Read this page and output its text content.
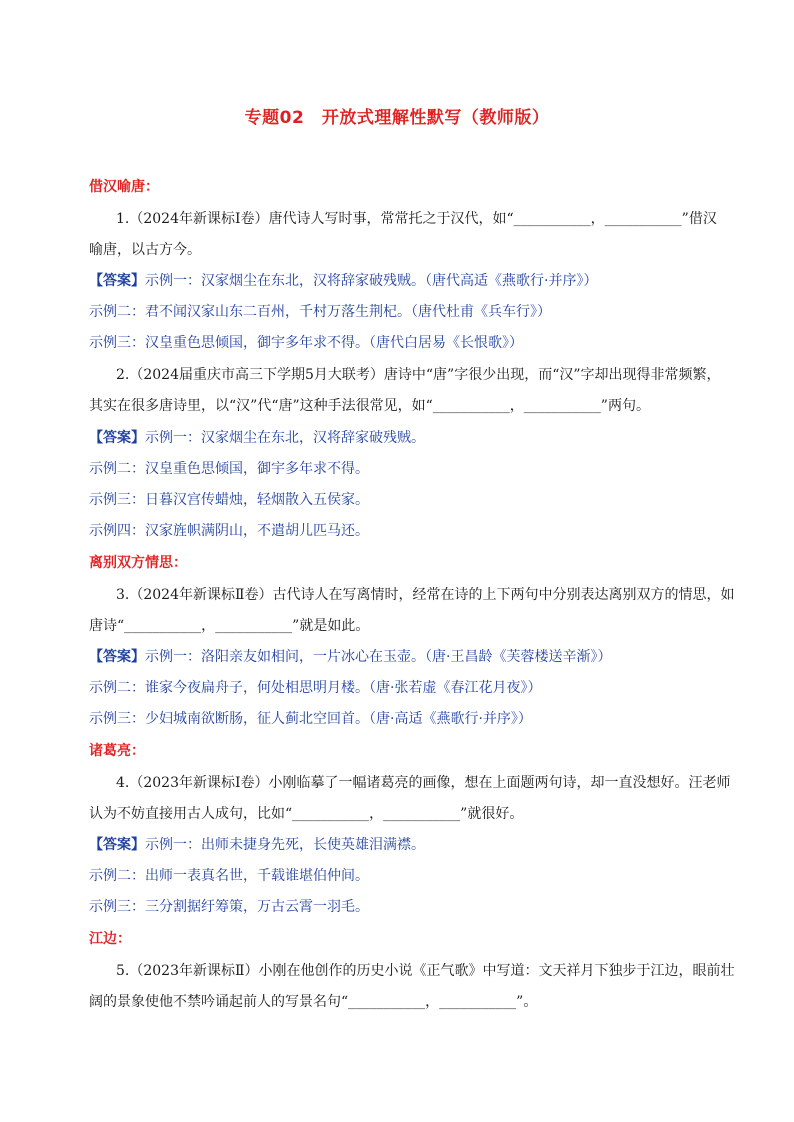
专题02　开放式理解性默写（教师版）
借汉喻唐：
1.（2024年新课标Ⅰ卷）唐代诗人写时事，常常托之于汉代，如“___________，___________”借汉
喻唐，以古方今。
【答案】示例一：汉家烟尘在东北，汉将辞家破残贼。（唐代高适《燕歌行·并序》）
示例二：君不闻汉家山东二百州，千村万落生荆杞。（唐代杜甫《兵车行》）
示例三：汉皇重色思倾国，御宇多年求不得。（唐代白居易《长恨歌》）
2.（2024届重庆市高三下学期5月大联考）唐诗中“唐”字很少出现，而“汉”字却出现得非常频繁，
其实在很多唐诗里，以“汉”代“唐”这种手法很常见，如“___________，___________”两句。
【答案】示例一：汉家烟尘在东北，汉将辞家破残贼。
示例二：汉皇重色思倾国，御宇多年求不得。
示例三：日暮汉宫传蜡烛，轻烟散入五侯家。
示例四：汉家旌帜满阴山，不遣胡儿匹马还。
离别双方情思：
3.（2024年新课标Ⅱ卷）古代诗人在写离情时，经常在诗的上下两句中分别表达离别双方的情思，如
唐诗“___________，___________”就是如此。
【答案】示例一：洛阳亲友如相问，一片冰心在玉壶。（唐·王昌龄《芙蓉楼送辛渐》）
示例二：谁家今夜扁舟子，何处相思明月楼。（唐·张若虚《春江花月夜》）
示例三：少妇城南欲断肠，征人蓟北空回首。（唐·高适《燕歌行·并序》）
诸葛亮：
4.（2023年新课标Ⅰ卷）小刚临摹了一幅诸葛亮的画像，想在上面题两句诗，却一直没想好。汪老师
认为不妨直接用古人成句，比如“___________，___________”就很好。
【答案】示例一：出师未捷身先死，长使英雄泪满襟。
示例二：出师一表真名世，千载谁堪伯仲间。
示例三：三分割据纡筹策，万古云霄一羽毛。
江边：
5.（2023年新课标Ⅱ）小刚在他创作的历史小说《正气歌》中写道：文天祥月下独步于江边，眼前壮
阔的景象使他不禁吟诵起前人的写景名句“___________，___________”。
